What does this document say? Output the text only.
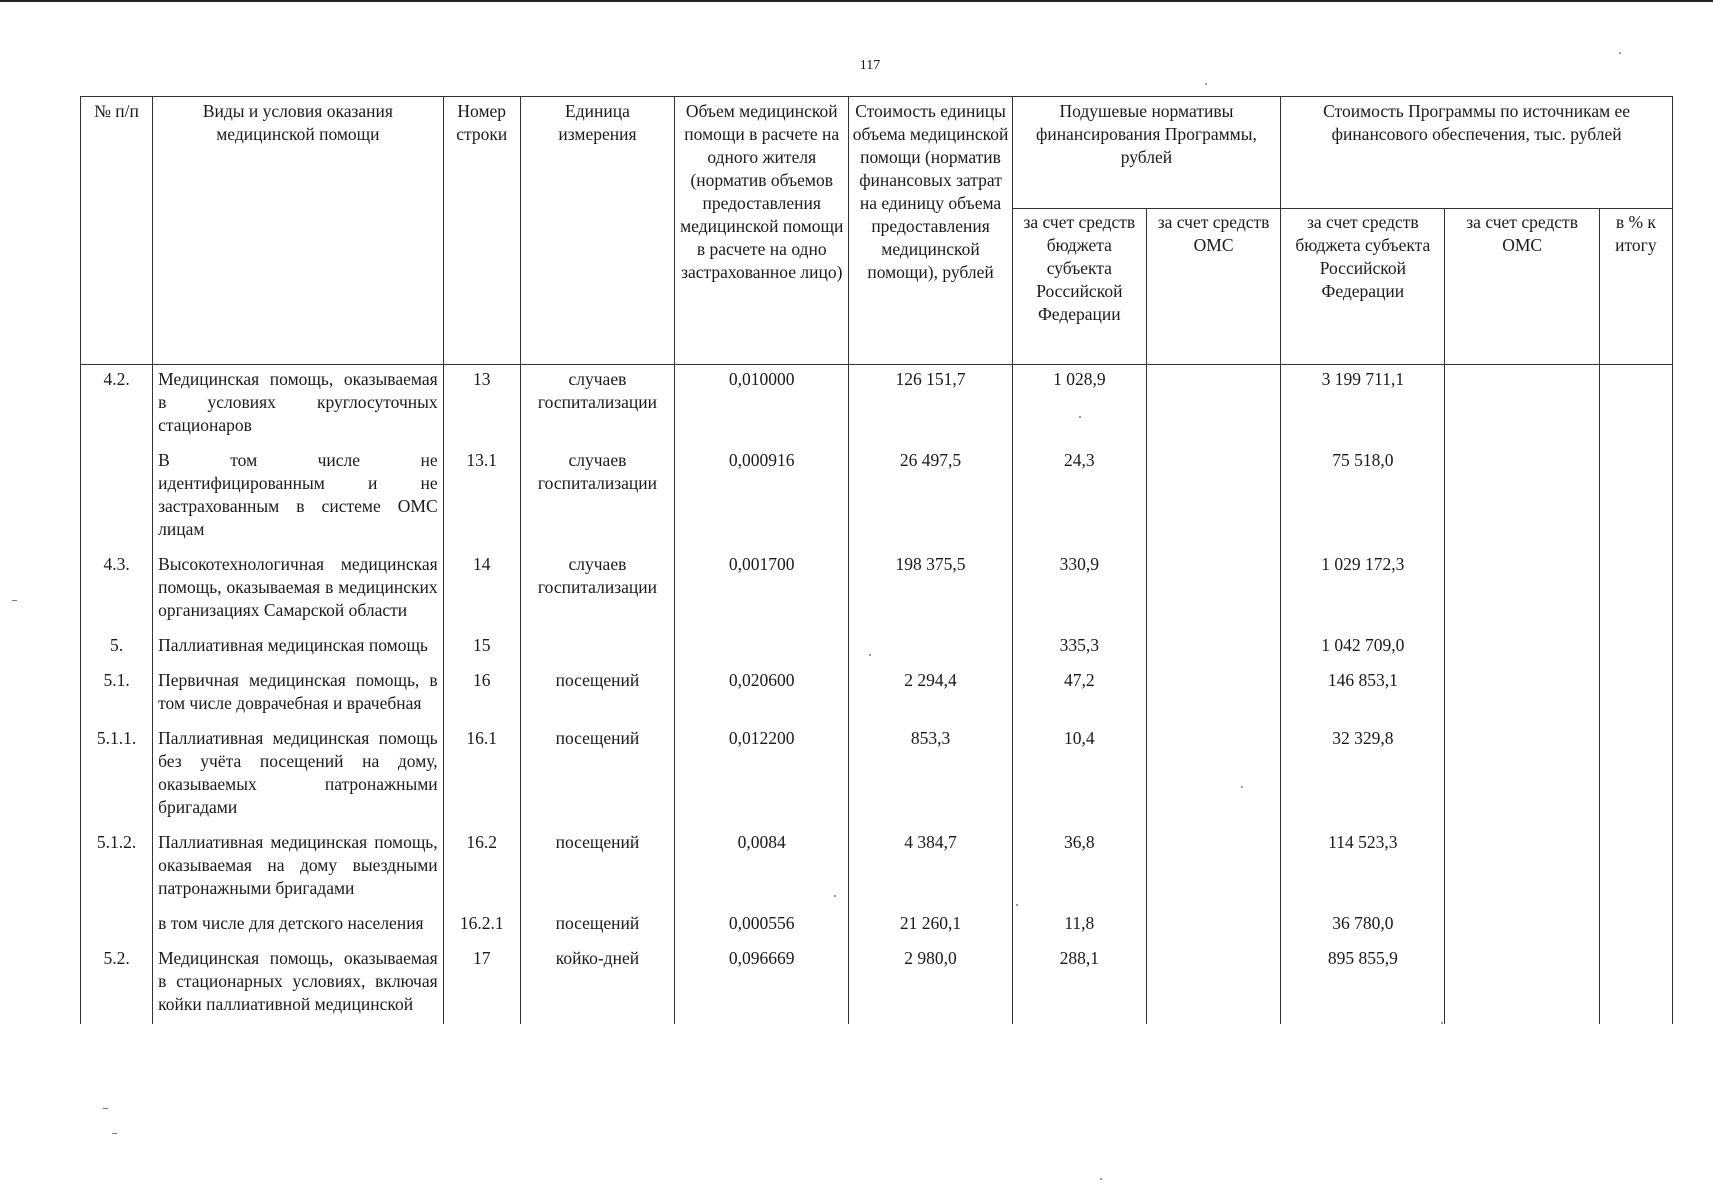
117
№ п/п	Виды и условия оказания медицинской помощи	Номер строки	Единица измерения	Объем медицинской помощи в расчете на одного жителя (норматив объемов предоставления медицинской помощи в расчете на одно застрахованное лицо)	Стоимость единицы объема медицинской помощи (норматив финансовых затрат на единицу объема предоставления медицинской помощи), рублей	Подушевые нормативы финансирования Программы, рублей		Стоимость Программы по источникам ее финансового обеспечения, тыс. рублей		
						за счет средств бюджета субъекта Российской Федерации	за счет средств ОМС	за счет средств бюджета субъекта Российской Федерации	за счет средств ОМС	в % к итогу
4.2.	Медицинская помощь, оказываемая в условиях круглосуточных стационаров	13	случаев госпитализации	0,010000	126 151,7	1 028,9		3 199 711,1		
	В том числе не идентифицированным и не застрахованным в системе ОМС лицам	13.1	случаев госпитализации	0,000916	26 497,5	24,3		75 518,0		
4.3.	Высокотехнологичная медицинская помощь, оказываемая в медицинских организациях Самарской области	14	случаев госпитализации	0,001700	198 375,5	330,9		1 029 172,3		
5.	Паллиативная медицинская помощь	15				335,3		1 042 709,0		
5.1.	Первичная медицинская помощь, в том числе доврачебная и врачебная	16	посещений	0,020600	2 294,4	47,2		146 853,1		
5.1.1.	Паллиативная медицинская помощь без учёта посещений на дому, оказываемых патронажными бригадами	16.1	посещений	0,012200	853,3	10,4		32 329,8		
5.1.2.	Паллиативная медицинская помощь, оказываемая на дому выездными патронажными бригадами	16.2	посещений	0,0084	4 384,7	36,8		114 523,3		
	в том числе для детского населения	16.2.1	посещений	0,000556	21 260,1	11,8		36 780,0		
5.2.	Медицинская помощь, оказываемая в стационарных условиях, включая койки паллиативной медицинской	17	койко-дней	0,096669	2 980,0	288,1		895 855,9		
